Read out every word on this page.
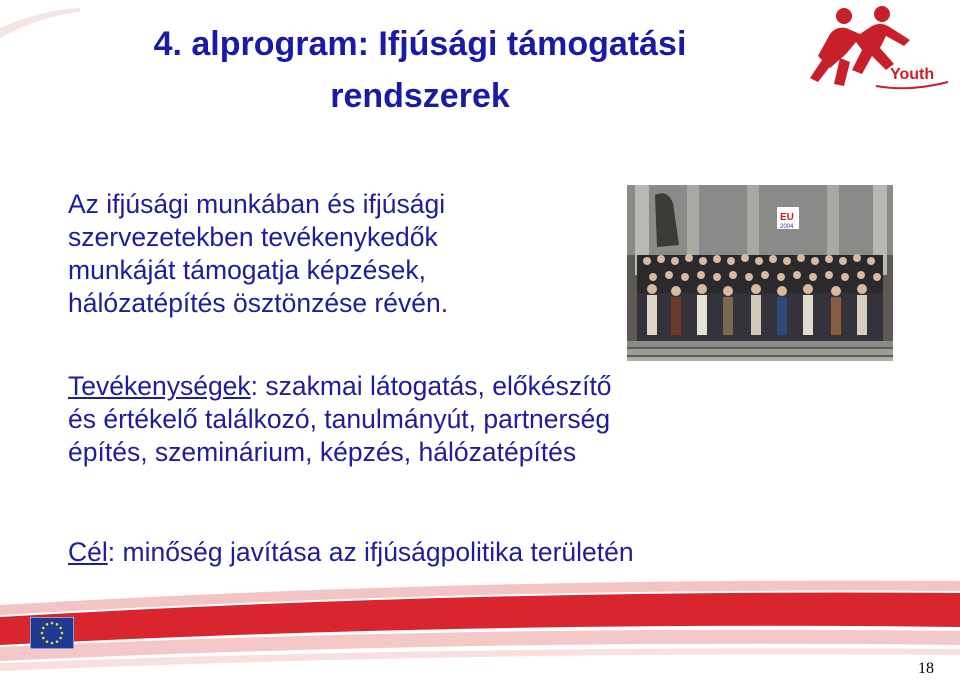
4. alprogram: Ifjúsági támogatási
rendszerek
Youth
Az ifjúsági munkában és ifjúsági
szervezetekben tevékenykedők
munkáját támogatja képzések,
hálózatépítés ösztönzése révén.
EU
2004
Tevékenységek: szakmai látogatás, előkészítő
és értékelő találkozó, tanulmányút, partnerség
építés, szeminárium, képzés, hálózatépítés
Cél: minőség javítása az ifjúságpolitika területén
18
